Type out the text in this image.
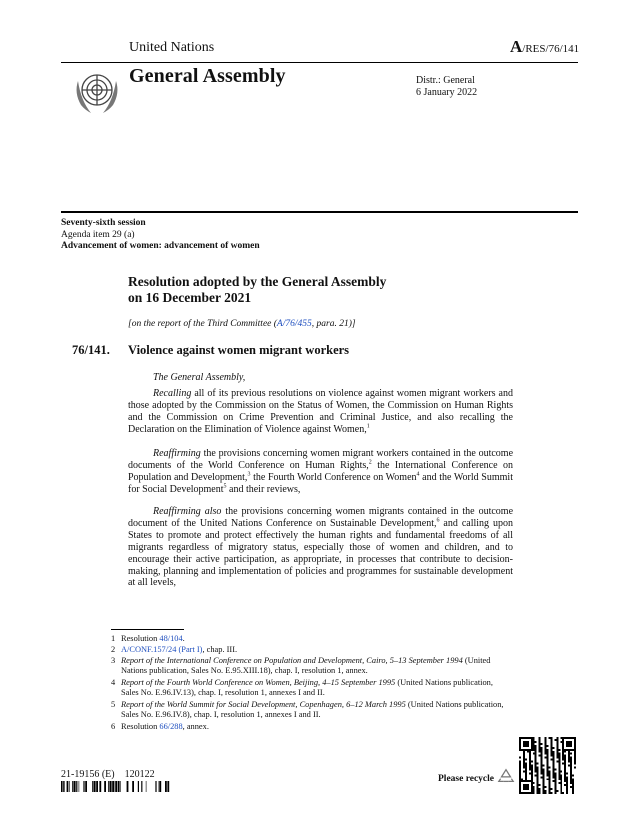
United Nations	A/RES/76/141
General Assembly	Distr.: General
6 January 2022
Seventy-sixth session
Agenda item 29 (a)
Advancement of women: advancement of women
Resolution adopted by the General Assembly
on 16 December 2021
[on the report of the Third Committee (A/76/455, para. 21)]
76/141. Violence against women migrant workers
The General Assembly,
Recalling all of its previous resolutions on violence against women migrant workers and those adopted by the Commission on the Status of Women, the Commission on Human Rights and the Commission on Crime Prevention and Criminal Justice, and also recalling the Declaration on the Elimination of Violence against Women,$^1$
Reaffirming the provisions concerning women migrant workers contained in the outcome documents of the World Conference on Human Rights,$^2$ the International Conference on Population and Development,$^3$ the Fourth World Conference on Women$^4$ and the World Summit for Social Development$^5$ and their reviews,
Reaffirming also the provisions concerning women migrants contained in the outcome document of the United Nations Conference on Sustainable Development,$^6$ and calling upon States to promote and protect effectively the human rights and fundamental freedoms of all migrants regardless of migratory status, especially those of women and children, and to encourage their active participation, as appropriate, in processes that contribute to decision-making, planning and implementation of policies and programmes for sustainable development at all levels,
1 Resolution 48/104.
2 A/CONF.157/24 (Part I), chap. III.
3 Report of the International Conference on Population and Development, Cairo, 5–13 September 1994 (United Nations publication, Sales No. E.95.XIII.18), chap. I, resolution 1, annex.
4 Report of the Fourth World Conference on Women, Beijing, 4–15 September 1995 (United Nations publication, Sales No. E.96.IV.13), chap. I, resolution 1, annexes I and II.
5 Report of the World Summit for Social Development, Copenhagen, 6–12 March 1995 (United Nations publication, Sales No. E.96.IV.8), chap. I, resolution 1, annexes I and II.
6 Resolution 66/288, annex.
21-19156 (E)    120122	Please recycle
